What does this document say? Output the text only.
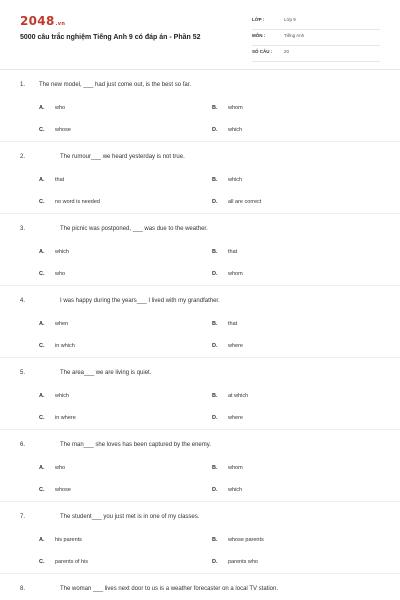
2048.vn
5000 câu trắc nghiệm Tiếng Anh 9 có đáp án - Phần 52
LỚP :	Lớp 9
MÔN :	Tiếng Anh
SỐ CÂU :	20
1. The new model, ___ had just come out, is the best so far.
A. who	B. whom
C. whose	D. which
2.	The rumour___ we heard yesterday is not true.
A. that	B. which
C. no word is needed	D. all are correct
3.	The picnic was postponed, ___ was due to the weather.
A. which	B. that
C. who	D. whom
4.	I was happy during the years___ I lived with my grandfather.
A. when	B. that
C. in which	D. where
5.	The area___ we are living is quiet.
A. which	B. at which
C. in where	D. where
6.	The man___ she loves has been captured by the enemy.
A. who	B. whom
C. whose	D. which
7.	The student___ you just met is in one of my classes.
A. his parents	B. whose parents
C. parents of his	D. parents who
8.	The woman ___ lives next door to us is a weather forecaster on a local TV station.
